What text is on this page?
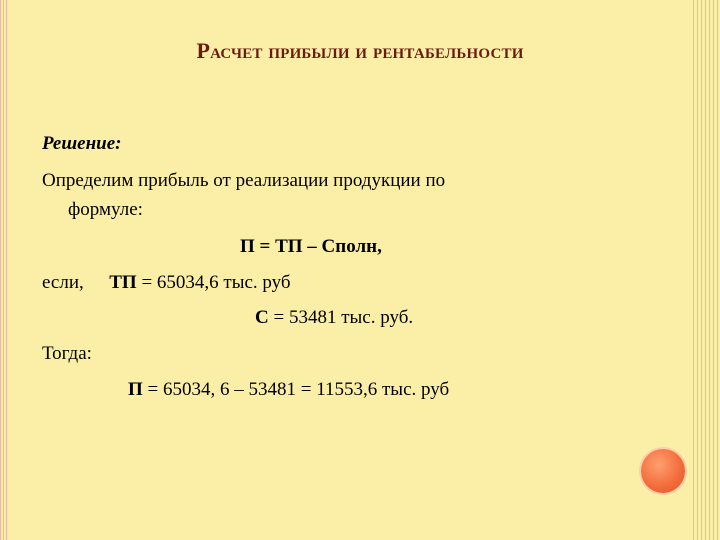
Расчет прибыли и рентабельности
Решение:
Определим прибыль от реализации продукции по
формуле:
П = ТП – Cполн,
если, ТП = 65034,6 тыс. руб
С = 53481 тыс. руб.
Тогда:
П = 65034, 6 – 53481 = 11553,6 тыс. руб
